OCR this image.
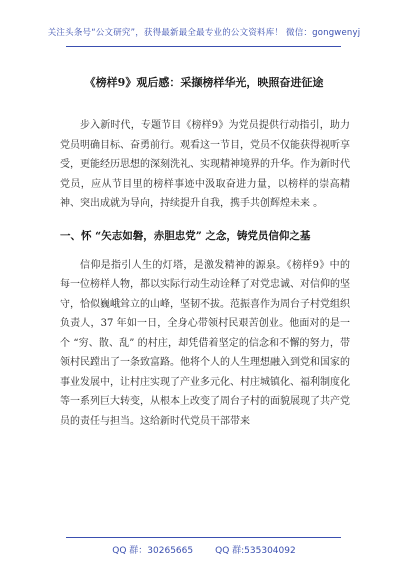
关注头条号“公文研究”，获得最新最全最专业的公文资料库！ 微信：gongwenyj
《榜样9》观后感：采撷榜样华光，映照奋进征途

步入新时代，专题节目《榜样9》为党员提供行动指引，助力党员明确目标、奋勇前行。观看这一节目，党员不仅能获得视听享受，更能经历思想的深刻洗礼、实现精神境界的升华。作为新时代党员，应从节目里的榜样事迹中汲取奋进力量，以榜样的崇高精神、突出成就为导向，持续提升自我，携手共创辉煌未来 。

一、怀 “矢志如磐，赤胆忠党” 之念，铸党员信仰之基

信仰是指引人生的灯塔，是激发精神的源泉。《榜样9》中的每一位榜样人物，都以实际行动生动诠释了对党忠诚、对信仰的坚守，恰似巍峨耸立的山峰，坚韧不拔。范振喜作为周台子村党组织负责人，37 年如一日，全身心带领村民艰苦创业。他面对的是一个 “穷、散、乱” 的村庄，却凭借着坚定的信念和不懈的努力，带领村民蹚出了一条致富路。他将个人的人生理想融入到党和国家的事业发展中，让村庄实现了产业多元化、村庄城镇化、福利制度化等一系列巨大转变，从根本上改变了周台子村的面貌展现了共产党员的责任与担当。这给新时代党员干部带来

QQ 群：30265665 QQ 群:535304092
